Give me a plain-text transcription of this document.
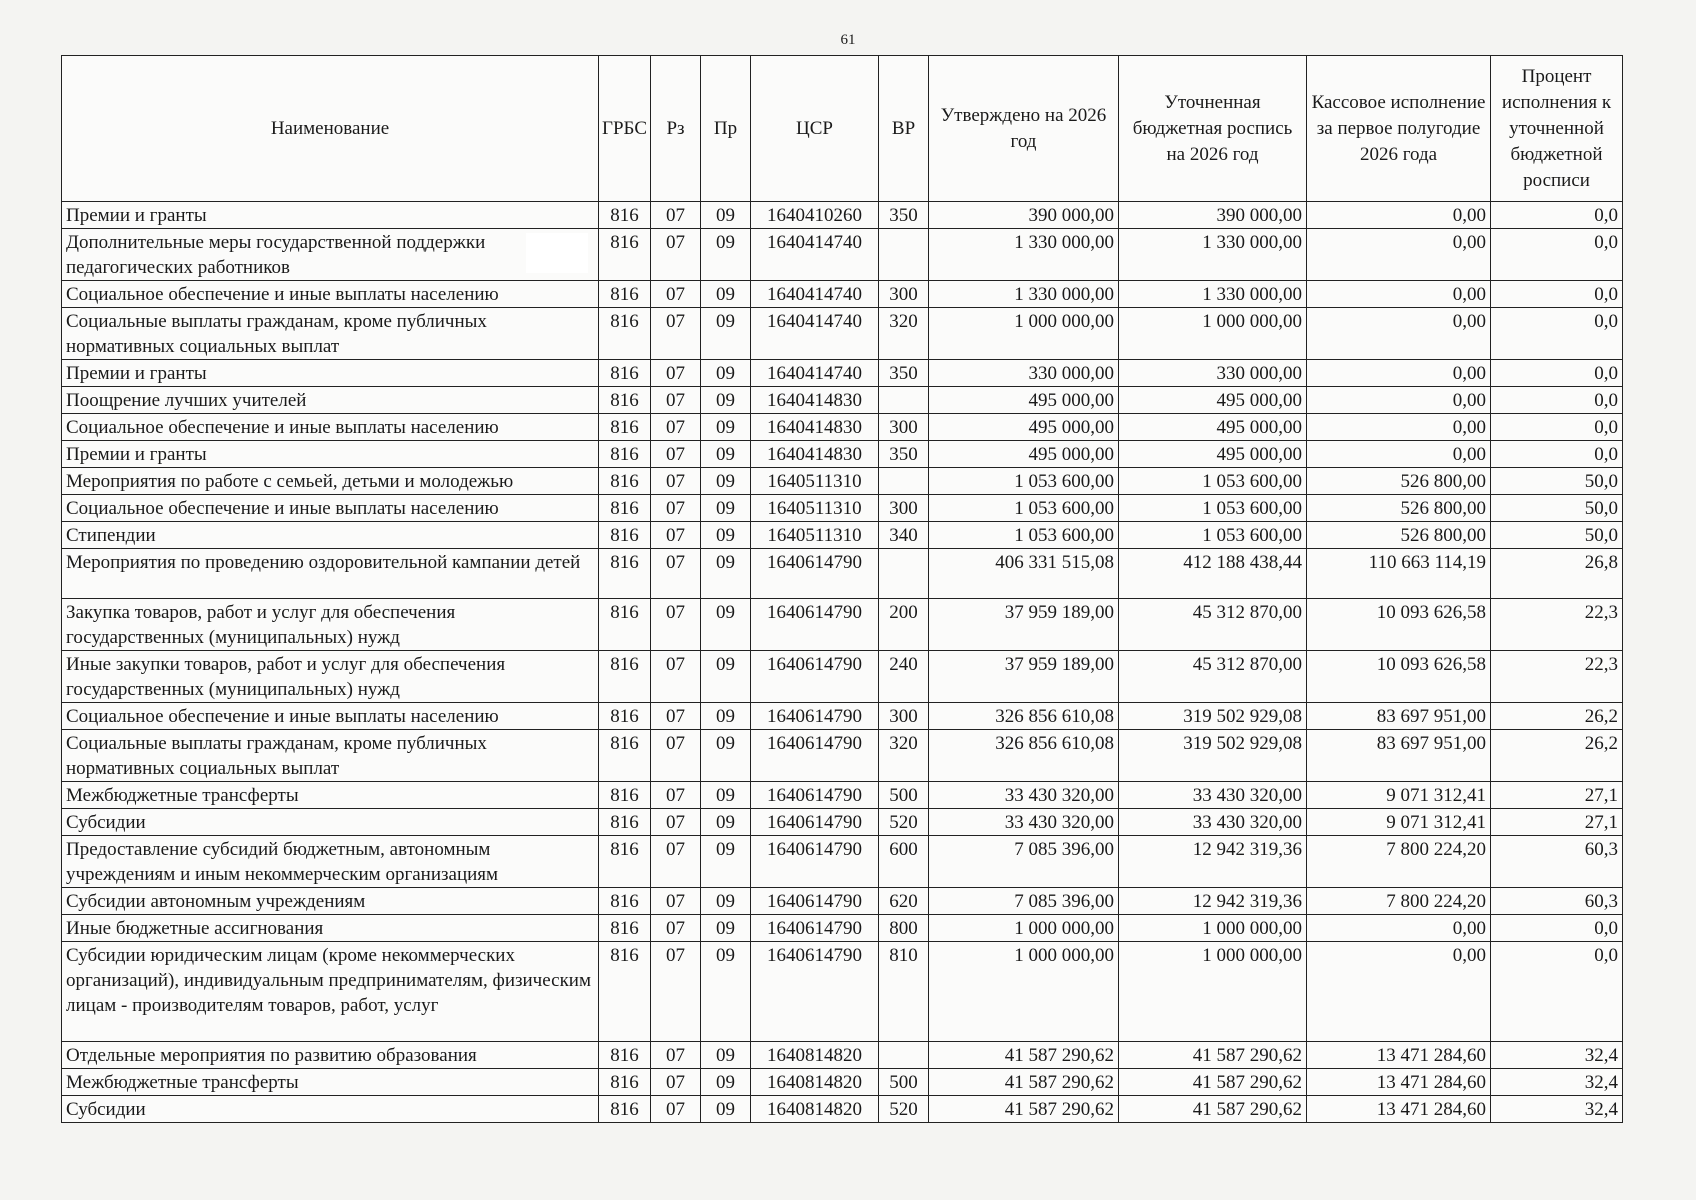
61
Наименование	ГРБС	Рз	Пр	ЦСР	ВР	Утверждено на 2026 год	Уточненная бюджетная роспись на 2026 год	Кассовое исполнение за первое полугодие 2026 года	Процент исполнения к уточненной бюджетной росписи
Премии и гранты	816	07	09	1640410260	350	390 000,00	390 000,00	0,00	0,0
Дополнительные меры государственной поддержки педагогических работников	816	07	09	1640414740		1 330 000,00	1 330 000,00	0,00	0,0
Социальное обеспечение и иные выплаты населению	816	07	09	1640414740	300	1 330 000,00	1 330 000,00	0,00	0,0
Социальные выплаты гражданам, кроме публичных нормативных социальных выплат	816	07	09	1640414740	320	1 000 000,00	1 000 000,00	0,00	0,0
Премии и гранты	816	07	09	1640414740	350	330 000,00	330 000,00	0,00	0,0
Поощрение лучших учителей	816	07	09	1640414830		495 000,00	495 000,00	0,00	0,0
Социальное обеспечение и иные выплаты населению	816	07	09	1640414830	300	495 000,00	495 000,00	0,00	0,0
Премии и гранты	816	07	09	1640414830	350	495 000,00	495 000,00	0,00	0,0
Мероприятия по работе с семьей, детьми и молодежью	816	07	09	1640511310		1 053 600,00	1 053 600,00	526 800,00	50,0
Социальное обеспечение и иные выплаты населению	816	07	09	1640511310	300	1 053 600,00	1 053 600,00	526 800,00	50,0
Стипендии	816	07	09	1640511310	340	1 053 600,00	1 053 600,00	526 800,00	50,0
Мероприятия по проведению оздоровительной кампании детей	816	07	09	1640614790		406 331 515,08	412 188 438,44	110 663 114,19	26,8
Закупка товаров, работ и услуг для обеспечения государственных (муниципальных) нужд	816	07	09	1640614790	200	37 959 189,00	45 312 870,00	10 093 626,58	22,3
Иные закупки товаров, работ и услуг для обеспечения государственных (муниципальных) нужд	816	07	09	1640614790	240	37 959 189,00	45 312 870,00	10 093 626,58	22,3
Социальное обеспечение и иные выплаты населению	816	07	09	1640614790	300	326 856 610,08	319 502 929,08	83 697 951,00	26,2
Социальные выплаты гражданам, кроме публичных нормативных социальных выплат	816	07	09	1640614790	320	326 856 610,08	319 502 929,08	83 697 951,00	26,2
Межбюджетные трансферты	816	07	09	1640614790	500	33 430 320,00	33 430 320,00	9 071 312,41	27,1
Субсидии	816	07	09	1640614790	520	33 430 320,00	33 430 320,00	9 071 312,41	27,1
Предоставление субсидий бюджетным, автономным учреждениям и иным некоммерческим организациям	816	07	09	1640614790	600	7 085 396,00	12 942 319,36	7 800 224,20	60,3
Субсидии автономным учреждениям	816	07	09	1640614790	620	7 085 396,00	12 942 319,36	7 800 224,20	60,3
Иные бюджетные ассигнования	816	07	09	1640614790	800	1 000 000,00	1 000 000,00	0,00	0,0
Субсидии юридическим лицам (кроме некоммерческих организаций), индивидуальным предпринимателям, физическим лицам - производителям товаров, работ, услуг	816	07	09	1640614790	810	1 000 000,00	1 000 000,00	0,00	0,0
Отдельные мероприятия по развитию образования	816	07	09	1640814820		41 587 290,62	41 587 290,62	13 471 284,60	32,4
Межбюджетные трансферты	816	07	09	1640814820	500	41 587 290,62	41 587 290,62	13 471 284,60	32,4
Субсидии	816	07	09	1640814820	520	41 587 290,62	41 587 290,62	13 471 284,60	32,4
